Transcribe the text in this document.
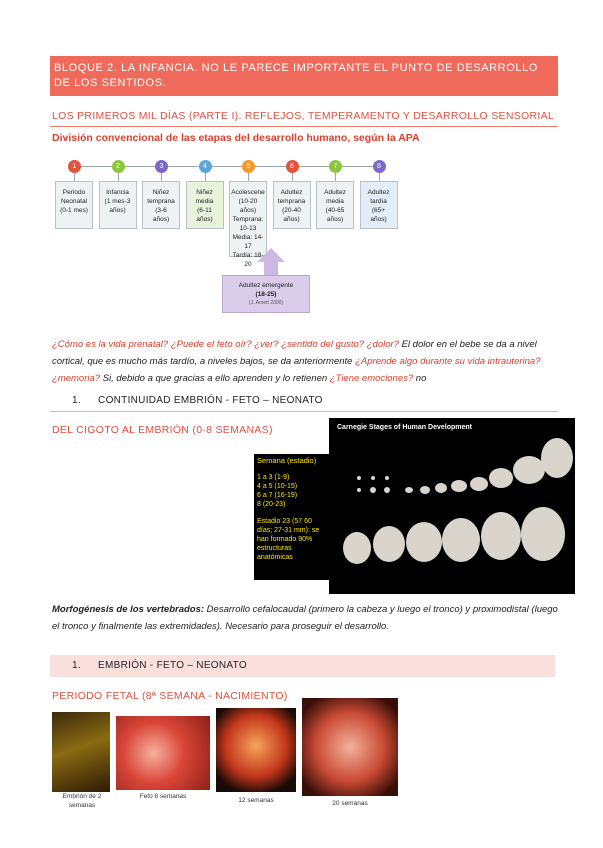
BLOQUE 2. LA INFANCIA. NO LE PARECE IMPORTANTE EL PUNTO DE DESARROLLO DE LOS SENTIDOS.
LOS PRIMEROS MIL DÍAS (PARTE I). REFLEJOS, TEMPERAMENTO Y DESARROLLO SENSORIAL
División convencional de las etapas del desarrollo humano, según la APA
1
Periodo
Neonatal
(0-1 mes)
2
Infancia
(1 mes-3
años)
3
Niñez
temprana
(3-6
años)
4
Niñez
media
(6-11
años)
5
Acolescene
(10-20 años)
Temprana:
10-13
Media: 14-17
Tardía: 18-20
6
Adultez
temprana
(20-40
años)
7
Adultez
media
(40-65
años)
8
Adultez
tardía
(65+
años)
Adultez emergente
(18-25)
(J. Arnett 2000)
¿Cómo es la vida prenatal? ¿Puede el feto oír? ¿ver? ¿sentido del gusto? ¿dolor? El dolor en el bebe se da a nivel cortical, que es mucho más tardío, a niveles bajos, se da anteriormente ¿Aprende algo durante su vida intrauterina? ¿memoria? Si, debido a que gracias a ello aprenden y lo retienen ¿Tiene emociones? no
1. CONTINUIDAD EMBRIÓN - FETO – NEONATO
DEL CIGOTO AL EMBRIÓN (0-8 SEMANAS)
Semana (estadio)
1 a 3 (1-9)
4 a 5 (10-15)
6 a 7 (16-19)
8 (20-23)
Estadio 23 (57 60 días; 27-31 mm): se han formado 90% estructuras anatómicas
Carnegie Stages of Human Development
Morfogénesis de los vertebrados: Desarrollo cefalocaudal (primero la cabeza y luego el tronco) y proximodistal (luego el tronco y finalmente las extremidades). Necesario para proseguir el desarrollo.
1. EMBRIÓN - FETO – NEONATO
PERIODO FETAL (8ª SEMANA - NACIMIENTO)
Embrión de 2
semanas
Feto 8 semanas
12 semanas	20 semanas
